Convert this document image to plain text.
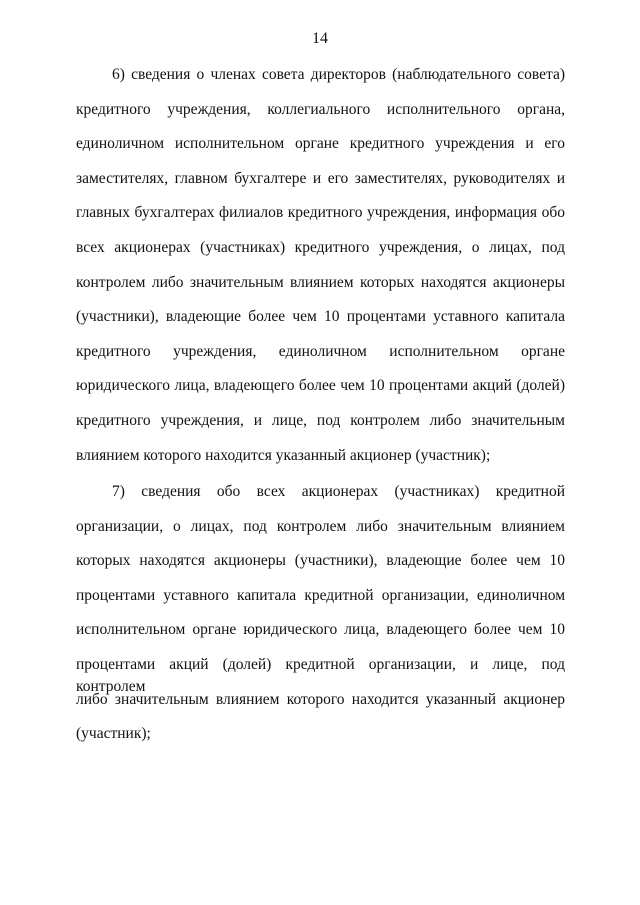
14
6) сведения о членах совета директоров (наблюдательного совета)
кредитного учреждения, коллегиального исполнительного органа,
единоличном исполнительном органе кредитного учреждения и его
заместителях, главном бухгалтере и его заместителях, руководителях и
главных бухгалтерах филиалов кредитного учреждения, информация обо
всех акционерах (участниках) кредитного учреждения, о лицах, под
контролем либо значительным влиянием которых находятся акционеры
(участники), владеющие более чем 10 процентами уставного капитала
кредитного учреждения, единоличном исполнительном органе
юридического лица, владеющего более чем 10 процентами акций (долей)
кредитного учреждения, и лице, под контролем либо значительным
влиянием которого находится указанный акционер (участник);
7) сведения обо всех акционерах (участниках) кредитной
организации, о лицах, под контролем либо значительным влиянием
которых находятся акционеры (участники), владеющие более чем 10
процентами уставного капитала кредитной организации, единоличном
исполнительном органе юридического лица, владеющего более чем 10
процентами акций (долей) кредитной организации, и лице, под контролем
либо значительным влиянием которого находится указанный акционер
(участник);
